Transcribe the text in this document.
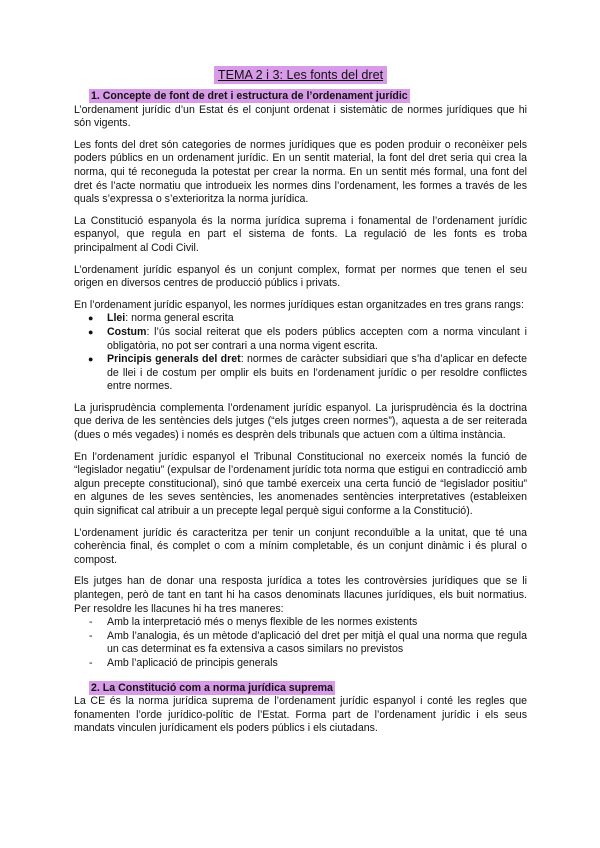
TEMA 2 i 3: Les fonts del dret
1. Concepte de font de dret i estructura de l’ordenament jurídic

L’ordenament jurídic d’un Estat és el conjunt ordenat i sistemàtic de normes jurídiques que hi són vigents.

Les fonts del dret són categories de normes jurídiques que es poden produir o reconèixer pels poders públics en un ordenament jurídic. En un sentit material, la font del dret seria qui crea la norma, qui té reconeguda la potestat per crear la norma. En un sentit més formal, una font del dret és l’acte normatiu que introdueix les normes dins l’ordenament, les formes a través de les quals s’expressa o s’exterioritza la norma jurídica.

La Constitució espanyola és la norma jurídica suprema i fonamental de l’ordenament jurídic espanyol, que regula en part el sistema de fonts. La regulació de les fonts es troba principalment al Codi Civil.

L’ordenament jurídic espanyol és un conjunt complex, format per normes que tenen el seu origen en diversos centres de producció públics i privats.

En l’ordenament jurídic espanyol, les normes jurídiques estan organitzades en tres grans rangs:

● Llei: norma general escrita
● Costum: l’ús social reiterat que els poders públics accepten com a norma vinculant i obligatòria, no pot ser contrari a una norma vigent escrita.
● Principis generals del dret: normes de caràcter subsidiari que s’ha d’aplicar en defecte de llei i de costum per omplir els buits en l’ordenament jurídic o per resoldre conflictes entre normes.

La jurisprudència complementa l’ordenament jurídic espanyol. La jurisprudència és la doctrina que deriva de les sentències dels jutges (“els jutges creen normes”), aquesta a de ser reiterada (dues o més vegades) i només es desprèn dels tribunals que actuen com a última instància.

En l’ordenament jurídic espanyol el Tribunal Constitucional no exerceix només la funció de “legislador negatiu” (expulsar de l’ordenament jurídic tota norma que estigui en contradicció amb algun precepte constitucional), sinó que també exerceix una certa funció de “legislador positiu” en algunes de les seves sentències, les anomenades sentències interpretatives (estableixen quin significat cal atribuir a un precepte legal perquè sigui conforme a la Constitució).

L’ordenament jurídic és caracteritza per tenir un conjunt reconduïble a la unitat, que té una coherència final, és complet o com a mínim completable, és un conjunt dinàmic i és plural o compost.

Els jutges han de donar una resposta jurídica a totes les controvèrsies jurídiques que se li plantegen, però de tant en tant hi ha casos denominats llacunes jurídiques, els buit normatius. Per resoldre les llacunes hi ha tres maneres:

- Amb la interpretació més o menys flexible de les normes existents
- Amb l’analogia, és un mètode d’aplicació del dret per mitjà el qual una norma que regula un cas determinat es fa extensiva a casos similars no previstos
- Amb l’aplicació de principis generals
2. La Constitució com a norma jurídica suprema

La CE és la norma jurídica suprema de l’ordenament jurídic espanyol i conté les regles que fonamenten l’orde jurídico-polític de l’Estat. Forma part de l’ordenament jurídic i els seus mandats vinculen jurídicament els poders públics i els ciutadans.
